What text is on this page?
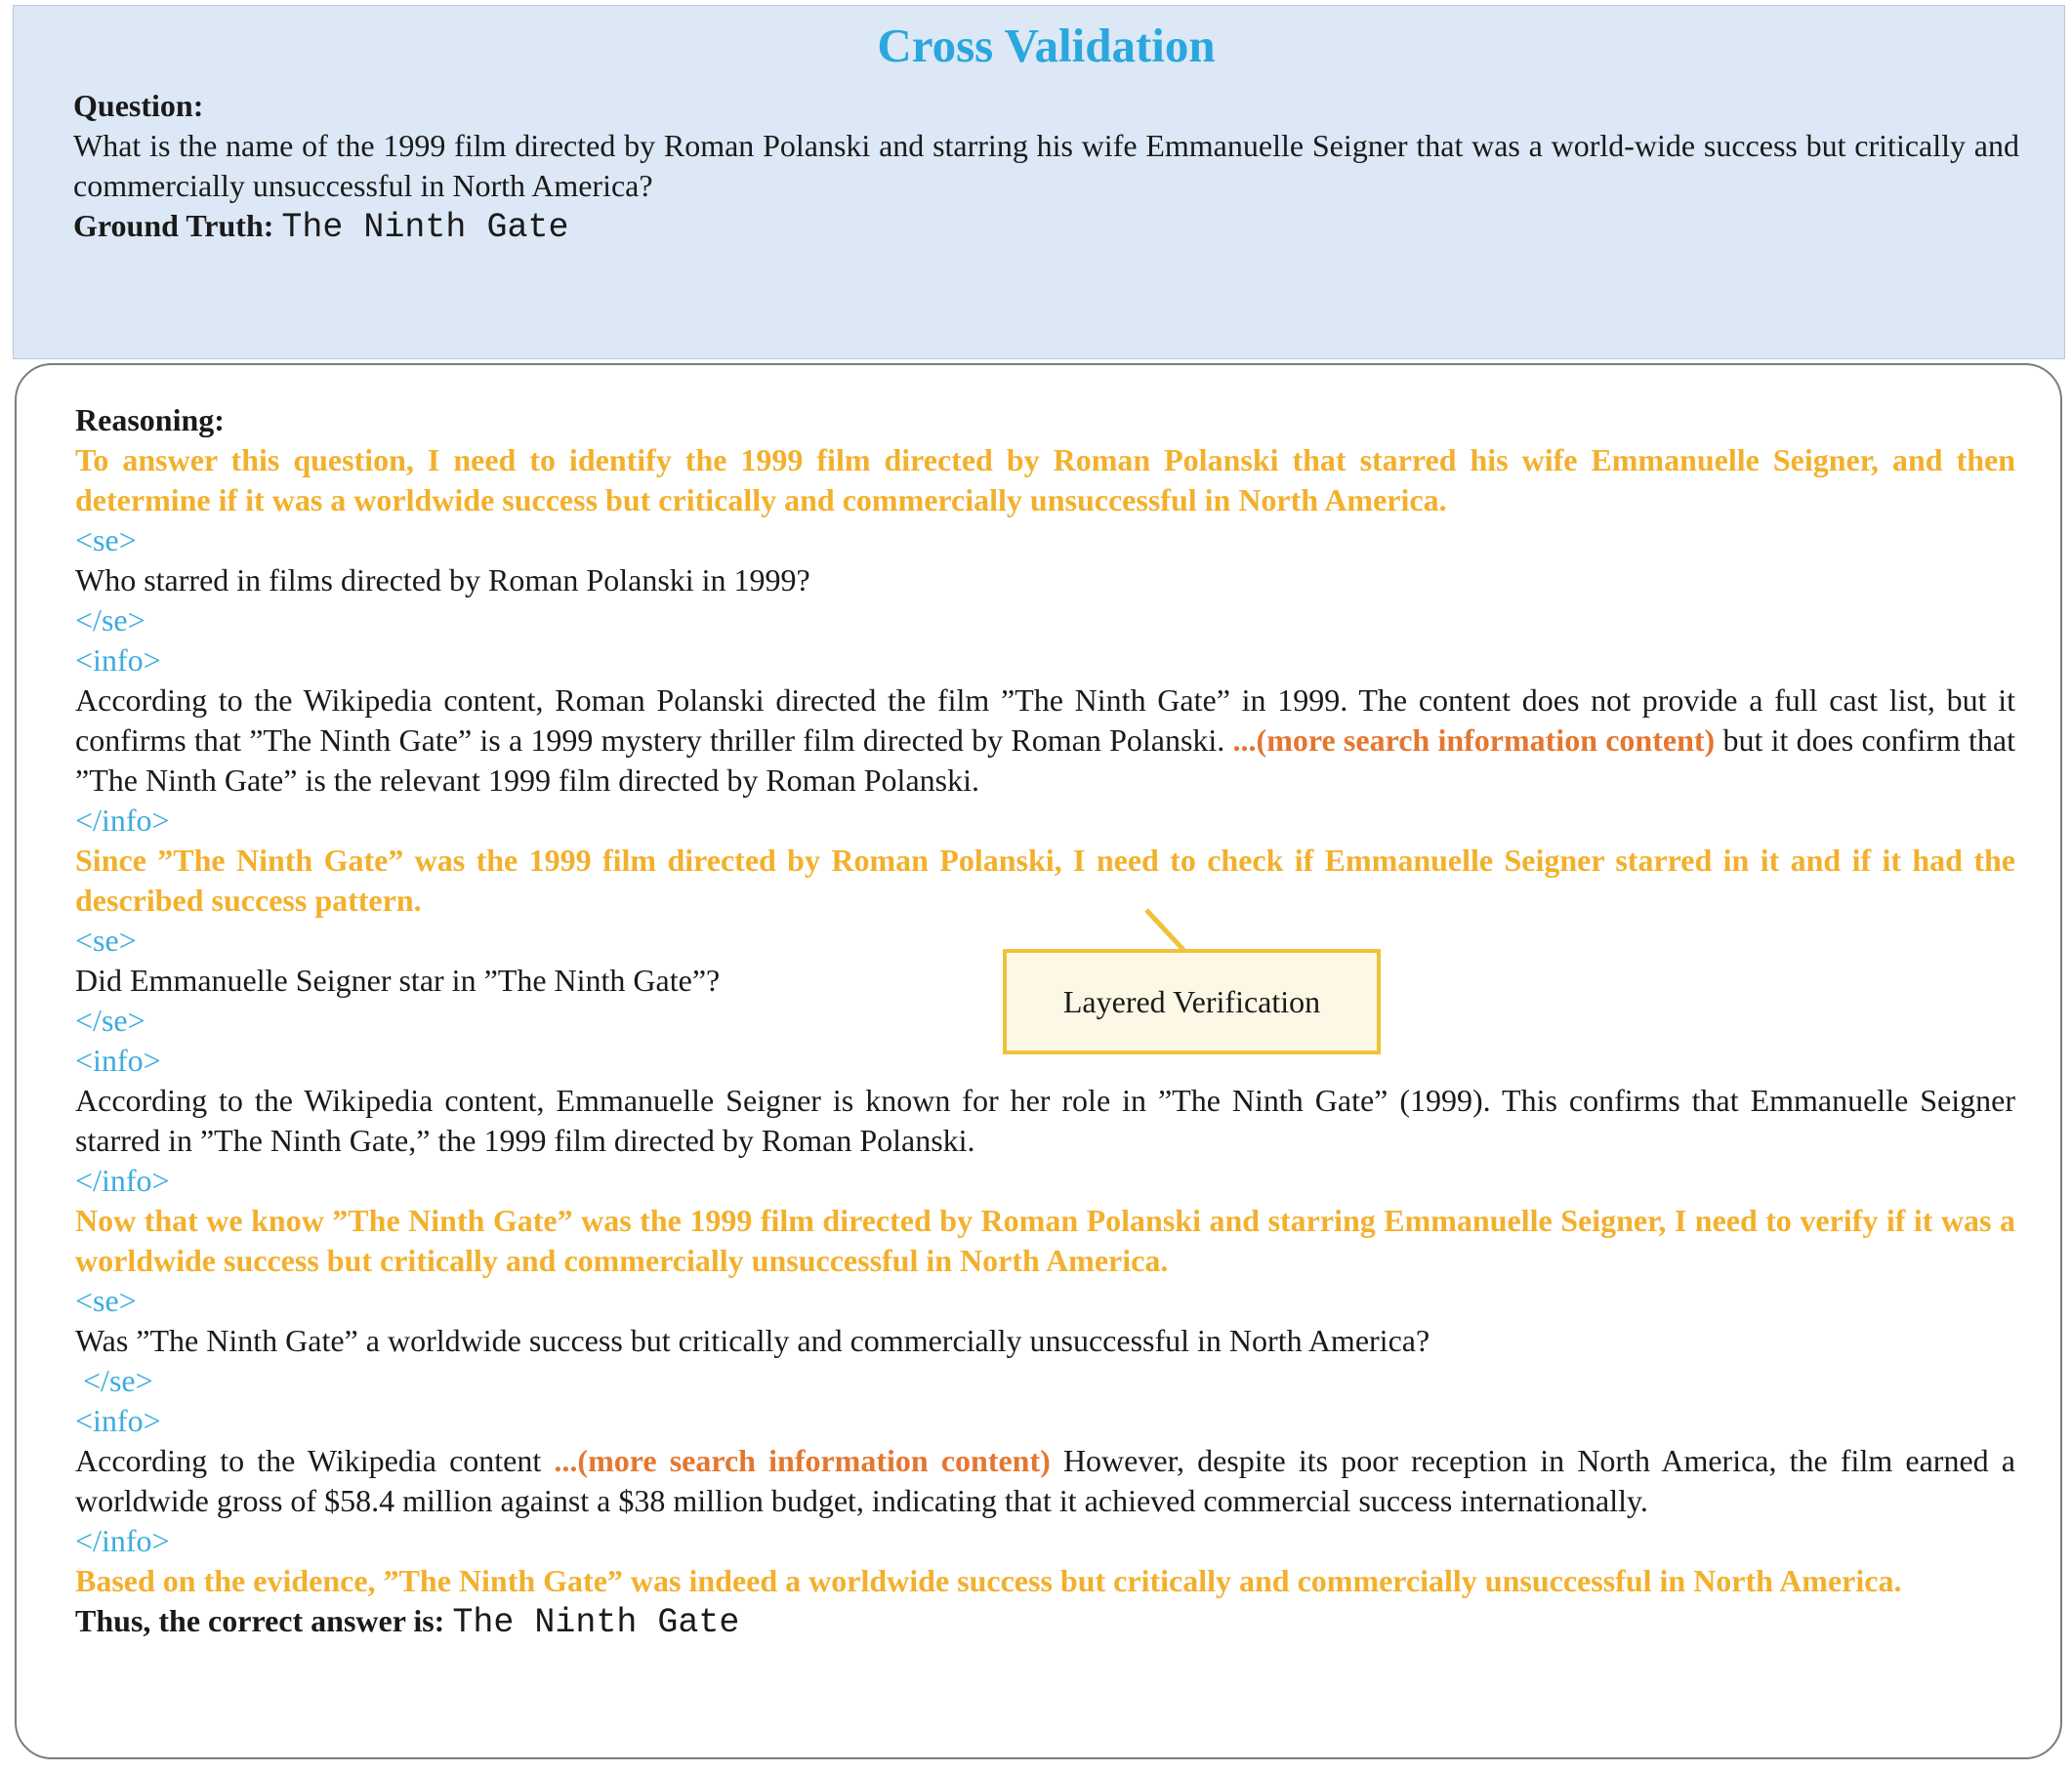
Cross Validation
Question:
What is the name of the 1999 film directed by Roman Polanski and starring his wife Emmanuelle Seigner that was a world-wide success but critically and commercially unsuccessful in North America?
Ground Truth: The Ninth Gate
Reasoning:
To answer this question, I need to identify the 1999 film directed by Roman Polanski that starred his wife Emmanuelle Seigner, and then determine if it was a worldwide success but critically and commercially unsuccessful in North America.
<se>
Who starred in films directed by Roman Polanski in 1999?
</se>
<info>
According to the Wikipedia content, Roman Polanski directed the film ”The Ninth Gate” in 1999. The content does not provide a full cast list, but it confirms that ”The Ninth Gate” is a 1999 mystery thriller film directed by Roman Polanski. ...(more search information content) but it does confirm that ”The Ninth Gate” is the relevant 1999 film directed by Roman Polanski.
</info>
Since ”The Ninth Gate” was the 1999 film directed by Roman Polanski, I need to check if Emmanuelle Seigner starred in it and if it had the described success pattern.
<se>
Did Emmanuelle Seigner star in ”The Ninth Gate”?
</se>
<info>
According to the Wikipedia content, Emmanuelle Seigner is known for her role in ”The Ninth Gate” (1999). This confirms that Emmanuelle Seigner starred in ”The Ninth Gate,” the 1999 film directed by Roman Polanski.
</info>
Now that we know ”The Ninth Gate” was the 1999 film directed by Roman Polanski and starring Emmanuelle Seigner, I need to verify if it was a worldwide success but critically and commercially unsuccessful in North America.
<se>
Was ”The Ninth Gate” a worldwide success but critically and commercially unsuccessful in North America?
</se>
<info>
According to the Wikipedia content ...(more search information content) However, despite its poor reception in North America, the film earned a worldwide gross of $58.4 million against a $38 million budget, indicating that it achieved commercial success internationally.
</info>
Based on the evidence, ”The Ninth Gate” was indeed a worldwide success but critically and commercially unsuccessful in North America.
Thus, the correct answer is: The Ninth Gate
Layered Verification
